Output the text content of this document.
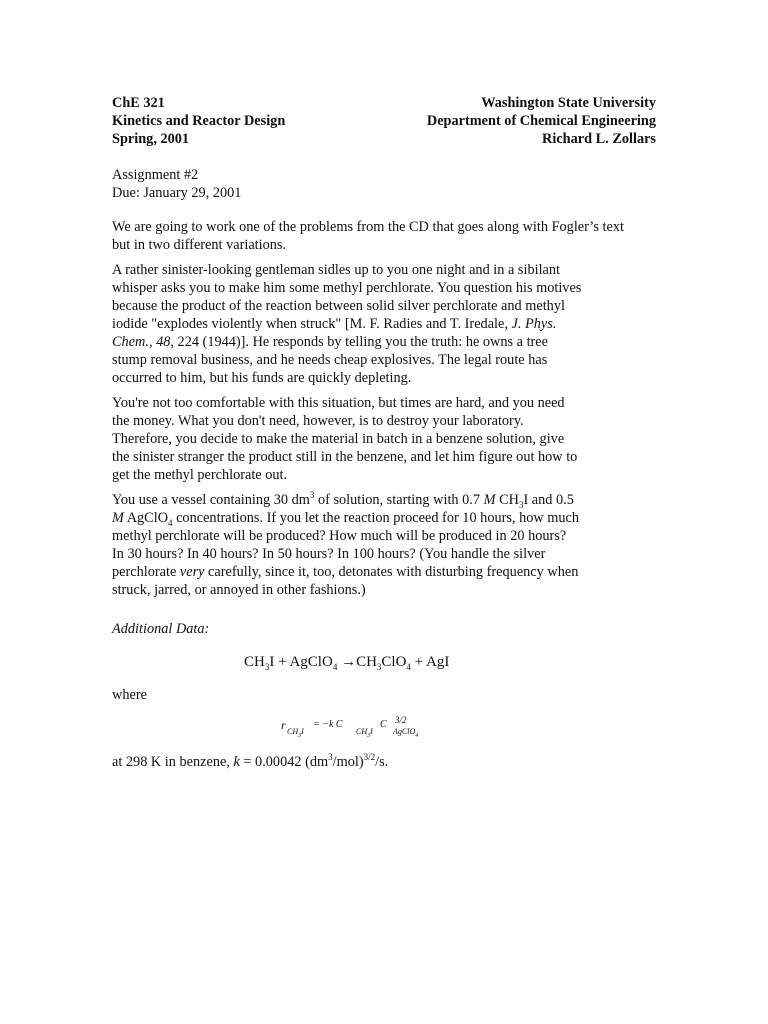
ChE 321	Washington State University
Kinetics and Reactor Design	Department of Chemical Engineering
Spring, 2001	Richard L. Zollars
Assignment #2
Due: January 29, 2001

We are going to work one of the problems from the CD that goes along with Fogler’s text
but in two different variations.

A rather sinister-looking gentleman sidles up to you one night and in a sibilant
whisper asks you to make him some methyl perchlorate. You question his motives
because the product of the reaction between solid silver perchlorate and methyl
iodide "explodes violently when struck" [M. F. Radies and T. Iredale, J. Phys.
Chem., 48, 224 (1944)]. He responds by telling you the truth: he owns a tree
stump removal business, and he needs cheap explosives. The legal route has
occurred to him, but his funds are quickly depleting.

You're not too comfortable with this situation, but times are hard, and you need
the money. What you don't need, however, is to destroy your laboratory.
Therefore, you decide to make the material in batch in a benzene solution, give
the sinister stranger the product still in the benzene, and let him figure out how to
get the methyl perchlorate out.

You use a vessel containing 30 $dm^3$ of solution, starting with 0.7 M $CH_3I$ and 0.5
M AgClO$_4$ concentrations. If you let the reaction proceed for 10 hours, how much
methyl perchlorate will be produced? How much will be produced in 20 hours?
In 30 hours? In 40 hours? In 50 hours? In 100 hours? (You handle the silver
perchlorate very carefully, since it, too, detonates with disturbing frequency when
struck, jarred, or annoyed in other fashions.)

Additional Data:
$CH_3I$ + AgClO$_4$ $\to CH_3ClO_4$ + AgI
where
r $CH_3I$
= −k C
$CH_3I$
C 3/2
AgClO$_4$
at 298 K in benzene, k = 0.00042 $(dm^3/mol)^{3/2}/s$.
